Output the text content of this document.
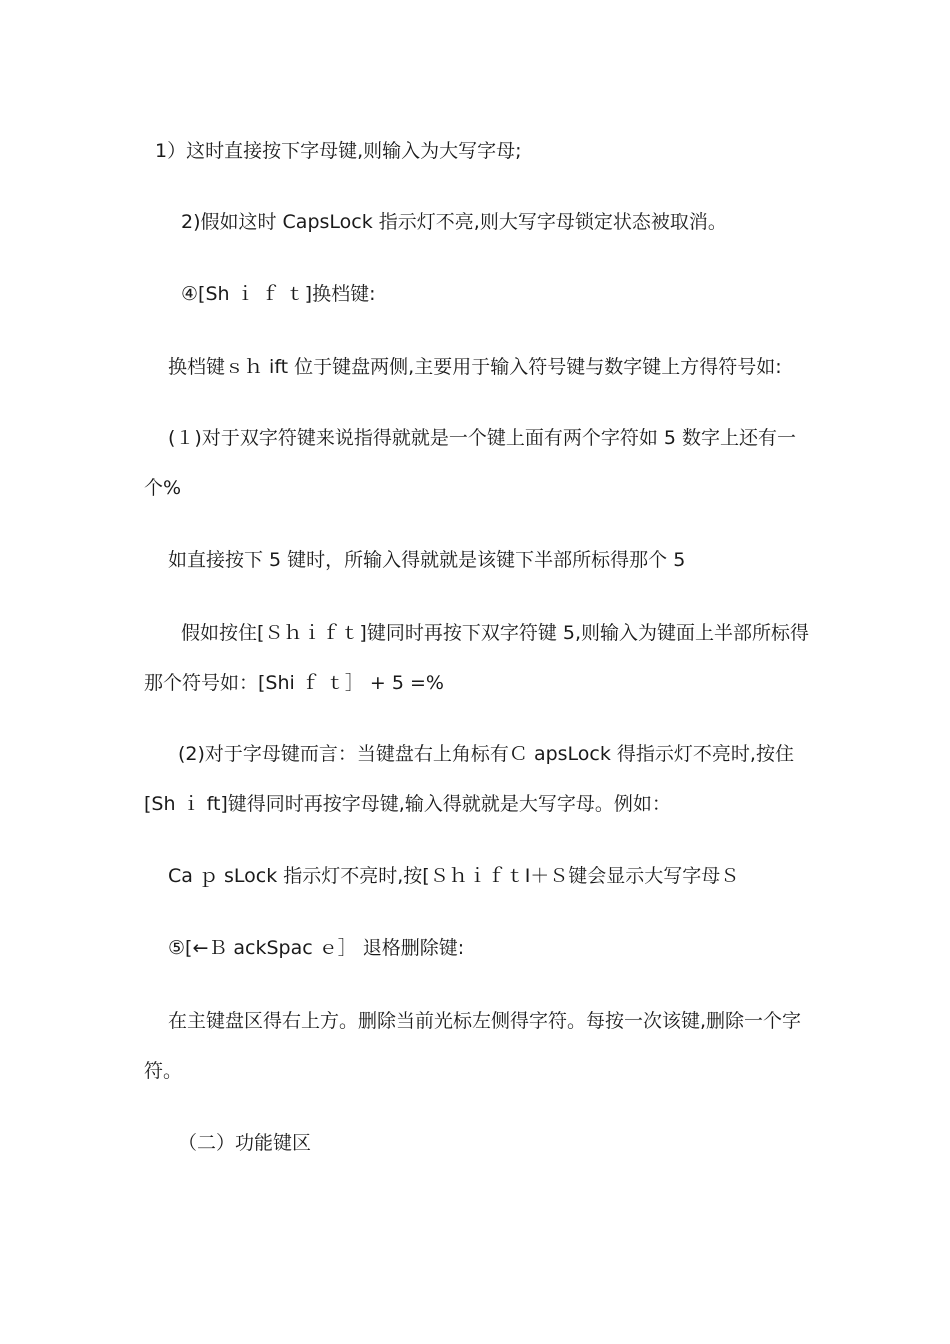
1）这时直接按下字母键,则输入为大写字母;
2)假如这时 CapsLock 指示灯不亮,则大写字母锁定状态被取消。
④[Sh ｉ ｆ ｔ]换档键:
换档键ｓｈ ift 位于键盘两侧,主要用于输入符号键与数字键上方得符号如:
(１)对于双字符键来说指得就就是一个键上面有两个字符如 5 数字上还有一
个%
如直接按下 5 键时，所输入得就就是该键下半部所标得那个 5
假如按住[Ｓｈｉｆｔ]键同时再按下双字符键 5,则输入为键面上半部所标得
那个符号如：[Shi ｆ ｔ］ + 5 =%
(2)对于字母键而言：当键盘右上角标有Ｃ apsLock 得指示灯不亮时,按住
[Sh ｉ ft]键得同时再按字母键,输入得就就是大写字母。例如：
Ca ｐ sLock 指示灯不亮时,按[ＳｈｉｆｔⅠ＋Ｓ键会显示大写字母Ｓ
⑤[←Ｂ ackSpac ｅ］ 退格删除键:
在主键盘区得右上方。删除当前光标左侧得字符。每按一次该键,删除一个字
符。
（二）功能键区
